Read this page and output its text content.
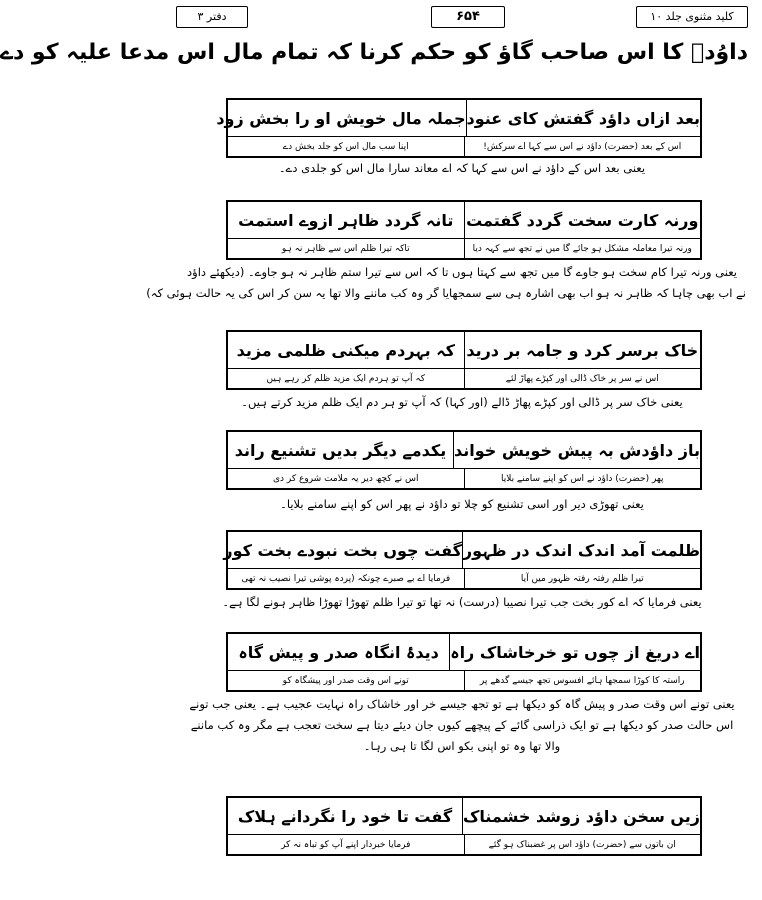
کلید مثنوی جلد ۱۰
۶۵۴
دفتر ۳
داوُدؑ کا اس صاحب گاؤ کو حکم کرنا کہ تمام مال اس مدعا علیہ کو دے
بعد ازاں داؤد گفتش کای عنود
جملہ مال خویش او را بخش زود
اس کے بعد (حضرت) داؤد نے اس سے کہا اے سرکش!
اپنا سب مال اس کو جلد بخش دے
یعنی بعد اس کے داؤد نے اس سے کہا کہ اے معاند سارا مال اس کو جلدی دے۔
ورنہ کارت سخت گردد گفتمت
تانہ گردد ظاہر ازوے استمت
ورنہ تیرا معاملہ مشکل ہو جائے گا میں نے تجھ سے کہہ دیا
تاکہ تیرا ظلم اس سے ظاہر نہ ہو
یعنی ورنہ تیرا کام سخت ہو جاوے گا میں تجھ سے کہتا ہوں تا کہ اس سے تیرا ستم ظاہر نہ ہو جاوے۔ (دیکھئے داؤد
نے اب بھی چاہا کہ ظاہر نہ ہو اب بھی اشارہ ہی سے سمجھایا گر وہ کب ماننے والا تھا یہ سن کر اس کی یہ حالت ہوئی کہ)
خاک برسر کرد و جامہ بر درید
کہ بہردم میکنی ظلمی مزید
اس نے سر پر خاک ڈالی اور کپڑے پھاڑ لئے
کہ آپ تو ہردم ایک مزید ظلم کر رہے ہیں
یعنی خاک سر پر ڈالی اور کپڑے پھاڑ ڈالے (اور کہا) کہ آپ تو ہر دم ایک ظلم مزید کرتے ہیں۔
باز داؤدش بہ پیش خویش خواند
یکدمے دیگر بدیں تشنیع راند
پھر (حضرت) داؤد نے اس کو اپنے سامنے بلایا
اس نے کچھ دیر یہ ملامت شروع کر دی
یعنی تھوڑی دیر اور اسی تشنیع کو چلا تو داؤد نے پھر اس کو اپنے سامنے بلایا۔
ظلمت آمد اندک اندک در ظہور
گفت چوں بخت نبودے بخت کور
تیرا ظلم رفتہ رفتہ ظہور میں آیا
فرمایا اے بے صبرے چونکہ (پردہ پوشی تیرا نصیب نہ تھی
یعنی فرمایا کہ اے کور بخت جب تیرا نصیبا (درست) نہ تھا تو تیرا ظلم تھوڑا تھوڑا ظاہر ہونے لگا ہے۔
اے دریغ از چوں تو خرخاشاک راہ
دیدۂ انگاہ صدر و پیش گاہ
راستہ کا کوڑا سمجھا ہائے افسوس تجھ جیسے گدھے پر
تونے اس وقت صدر اور پیشگاہ کو
یعنی تونے اس وقت صدر و پیش گاہ کو دیکھا ہے تو تجھ جیسے خر اور خاشاک راہ نہایت عجیب ہے۔ یعنی جب تونے
اس حالت صدر کو دیکھا ہے تو ایک ذراسی گائے کے پیچھے کیوں جان دیئے دیتا ہے سخت تعجب ہے مگر وہ کب ماننے
والا تھا وہ تو اپنی بکو اس لگا تا ہی رہا۔
زیں سخن داؤد زوشد خشمناک
گفت تا خود را نگردانے ہلاک
ان باتوں سے (حضرت) داؤد اس پر غضبناک ہو گئے
فرمایا خبردار اپنے آپ کو تباہ نہ کر
